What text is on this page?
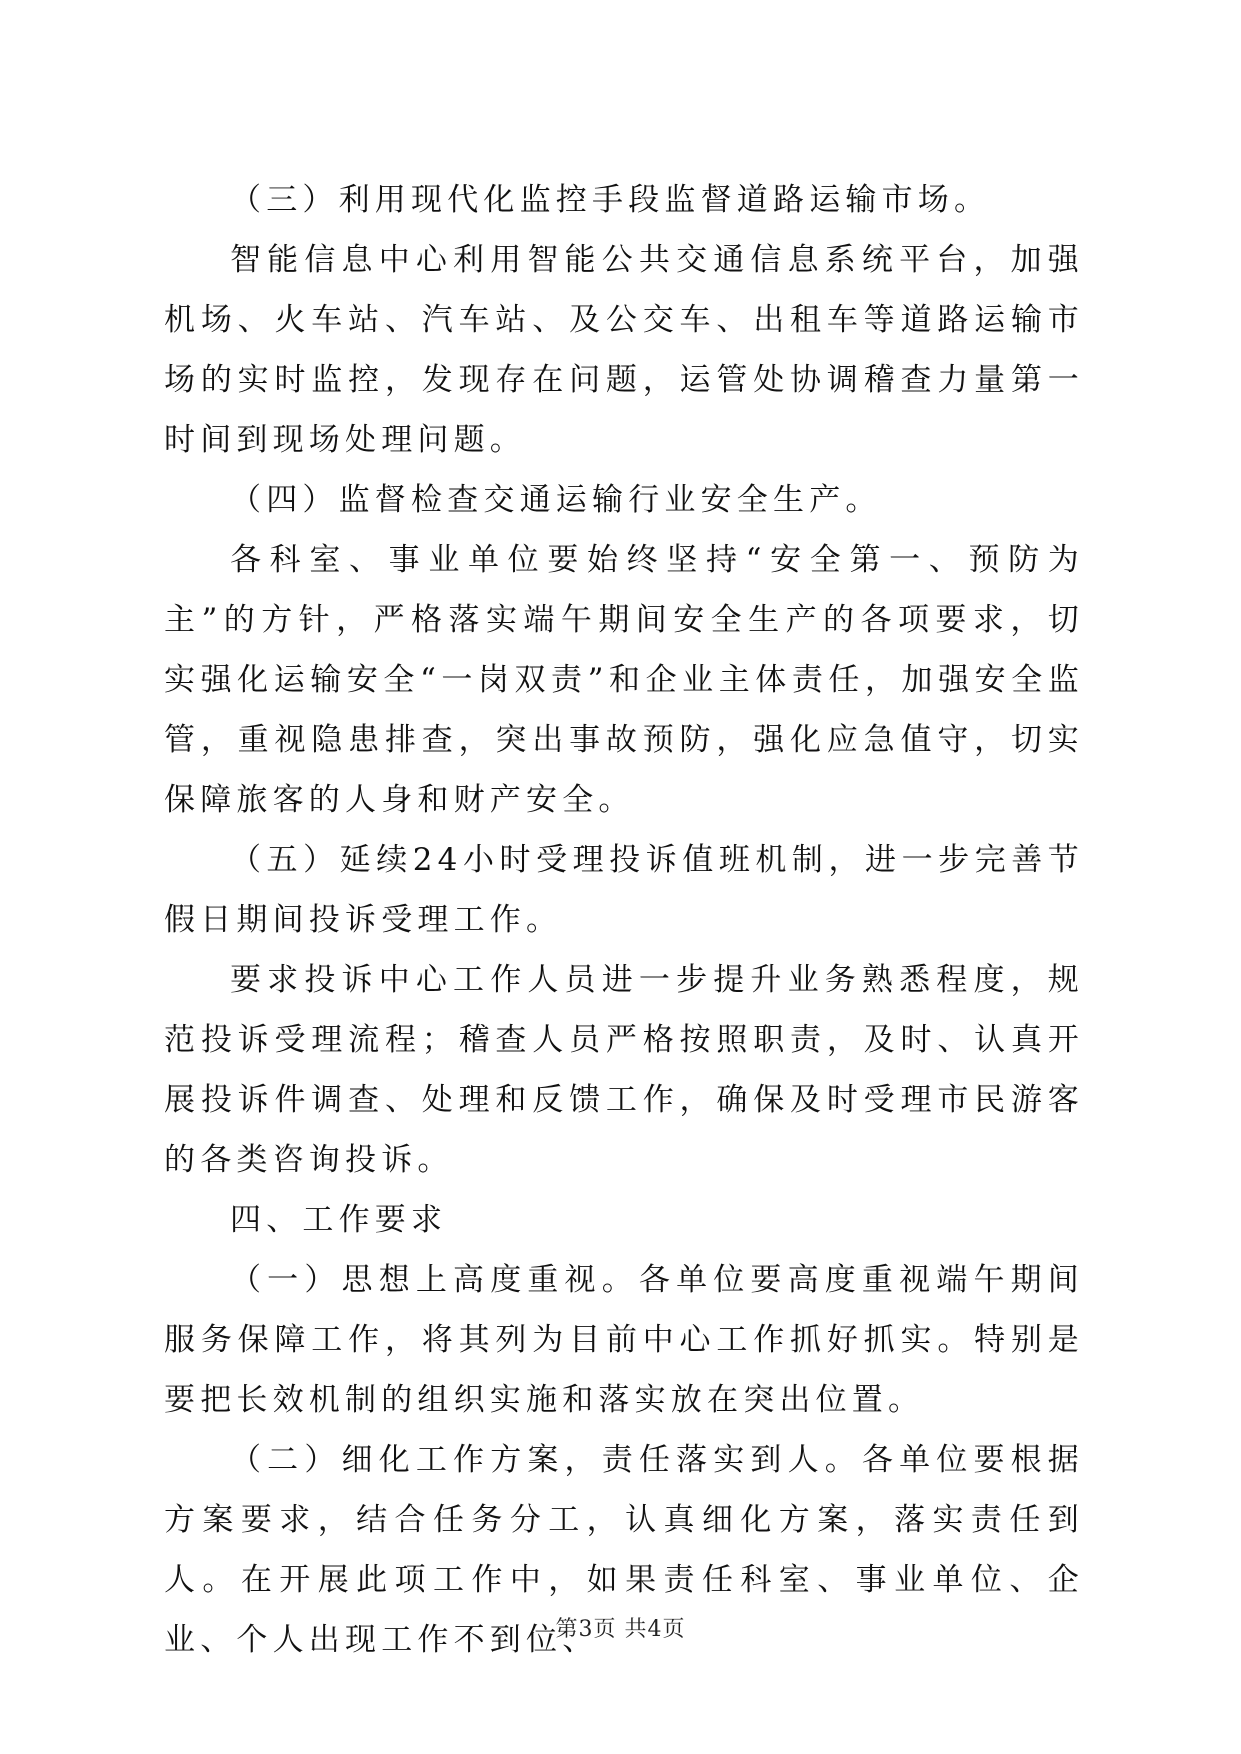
（三）利用现代化监控手段监督道路运输市场。

智能信息中心利用智能公共交通信息系统平台，加强机场、火车站、汽车站、及公交车、出租车等道路运输市场的实时监控，发现存在问题，运管处协调稽查力量第一时间到现场处理问题。

（四）监督检查交通运输行业安全生产。

各科室、事业单位要始终坚持“安全第一、预防为主”的方针，严格落实端午期间安全生产的各项要求，切实强化运输安全“一岗双责”和企业主体责任，加强安全监管，重视隐患排查，突出事故预防，强化应急值守，切实保障旅客的人身和财产安全。

（五）延续24小时受理投诉值班机制，进一步完善节假日期间投诉受理工作。

要求投诉中心工作人员进一步提升业务熟悉程度，规范投诉受理流程；稽查人员严格按照职责，及时、认真开展投诉件调查、处理和反馈工作，确保及时受理市民游客的各类咨询投诉。

四、工作要求

（一）思想上高度重视。各单位要高度重视端午期间服务保障工作，将其列为目前中心工作抓好抓实。特别是要把长效机制的组织实施和落实放在突出位置。

（二）细化工作方案，责任落实到人。各单位要根据方案要求，结合任务分工，认真细化方案，落实责任到人。在开展此项工作中，如果责任科室、事业单位、企业、个人出现工作不到位、

第3页 共4页
